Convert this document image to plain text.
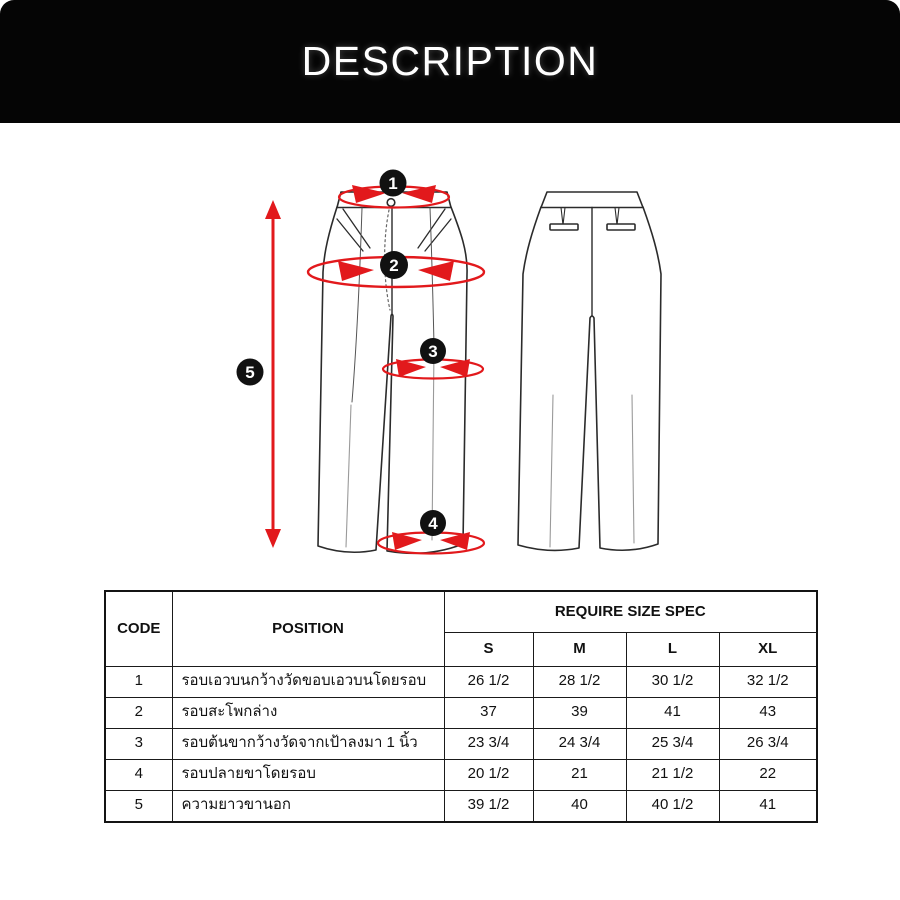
DESCRIPTION
1
2
3
4
5
CODE	POSITION	REQUIRE SIZE SPEC			
		S	M	L	XL
1	รอบเอวบนกว้างวัดขอบเอวบนโดยรอบ	26 1/2	28 1/2	30 1/2	32 1/2
2	รอบสะโพกล่าง	37	39	41	43
3	รอบต้นขากว้างวัดจากเป้าลงมา 1 นิ้ว	23 3/4	24 3/4	25 3/4	26 3/4
4	รอบปลายขาโดยรอบ	20 1/2	21	21 1/2	22
5	ความยาวขานอก	39 1/2	40	40 1/2	41
